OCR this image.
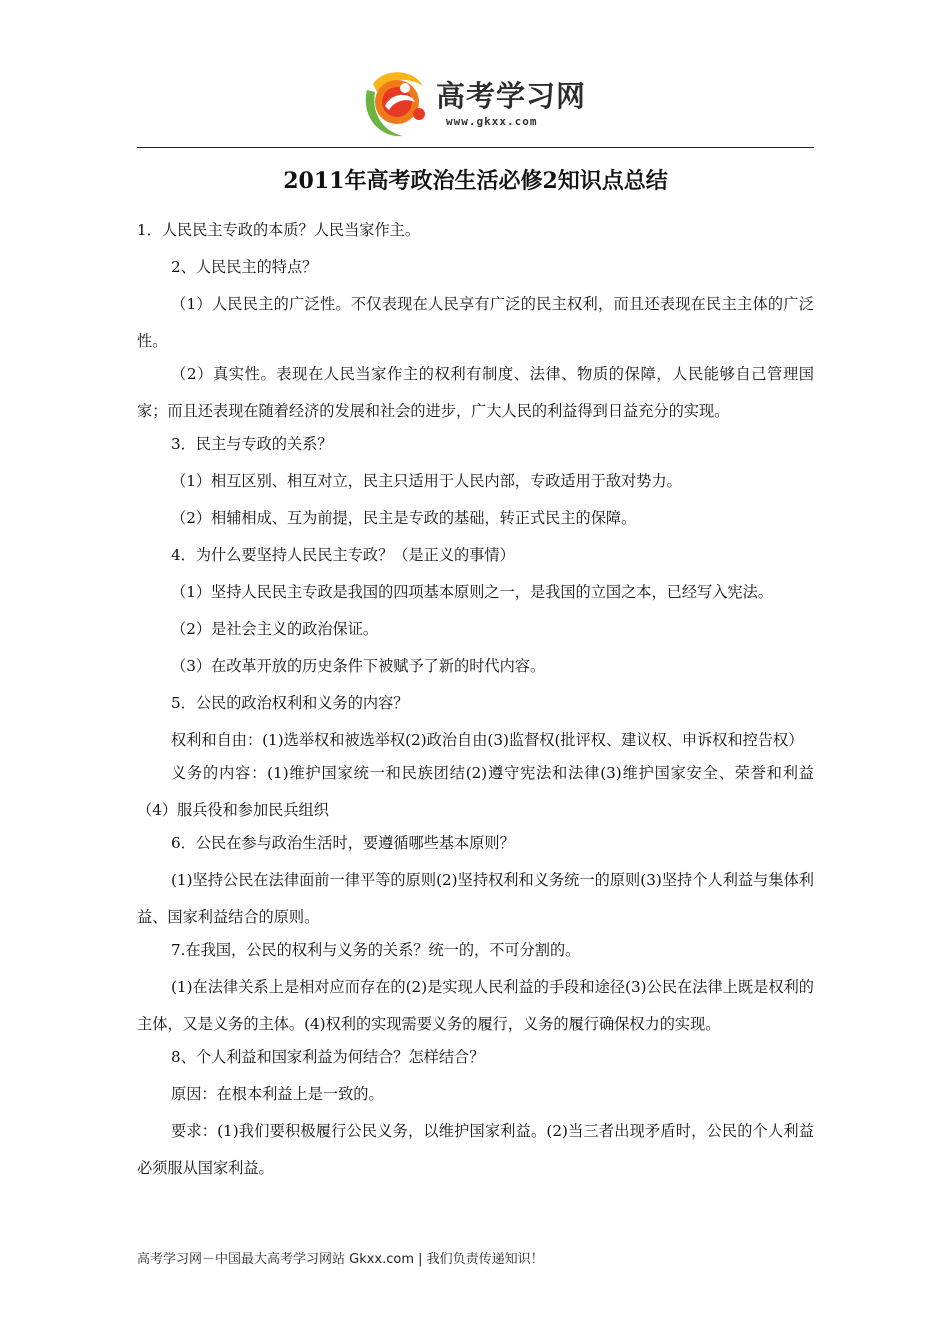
高考学习网
www.gkxx.com
2011年高考政治生活必修2知识点总结

1．人民民主专政的本质？人民当家作主。

2、人民民主的特点？

（1）人民民主的广泛性。不仅表现在人民享有广泛的民主权利，而且还表现在民主主体的广泛性。

（2）真实性。表现在人民当家作主的权利有制度、法律、物质的保障，人民能够自己管理国家；而且还表现在随着经济的发展和社会的进步，广大人民的利益得到日益充分的实现。

3．民主与专政的关系？

（1）相互区别、相互对立，民主只适用于人民内部，专政适用于敌对势力。

（2）相辅相成、互为前提，民主是专政的基础，转正式民主的保障。

4．为什么要坚持人民民主专政？（是正义的事情）

（1）坚持人民民主专政是我国的四项基本原则之一，是我国的立国之本，已经写入宪法。

（2）是社会主义的政治保证。

（3）在改革开放的历史条件下被赋予了新的时代内容。

5．公民的政治权利和义务的内容？

权利和自由：(1)选举权和被选举权(2)政治自由(3)监督权(批评权、建议权、申诉权和控告权）

义务的内容：(1)维护国家统一和民族团结(2)遵守宪法和法律(3)维护国家安全、荣誉和利益（4）服兵役和参加民兵组织

6．公民在参与政治生活时，要遵循哪些基本原则？

(1)坚持公民在法律面前一律平等的原则(2)坚持权利和义务统一的原则(3)坚持个人利益与集体利益、国家利益结合的原则。

7.在我国，公民的权利与义务的关系？统一的，不可分割的。

(1)在法律关系上是相对应而存在的(2)是实现人民利益的手段和途径(3)公民在法律上既是权利的主体，又是义务的主体。(4)权利的实现需要义务的履行，义务的履行确保权力的实现。

8、个人利益和国家利益为何结合？怎样结合？

原因：在根本利益上是一致的。

要求：(1)我们要积极履行公民义务，以维护国家利益。(2)当三者出现矛盾时，公民的个人利益必须服从国家利益。

高考学习网－中国最大高考学习网站 Gkxx.com | 我们负责传递知识！
